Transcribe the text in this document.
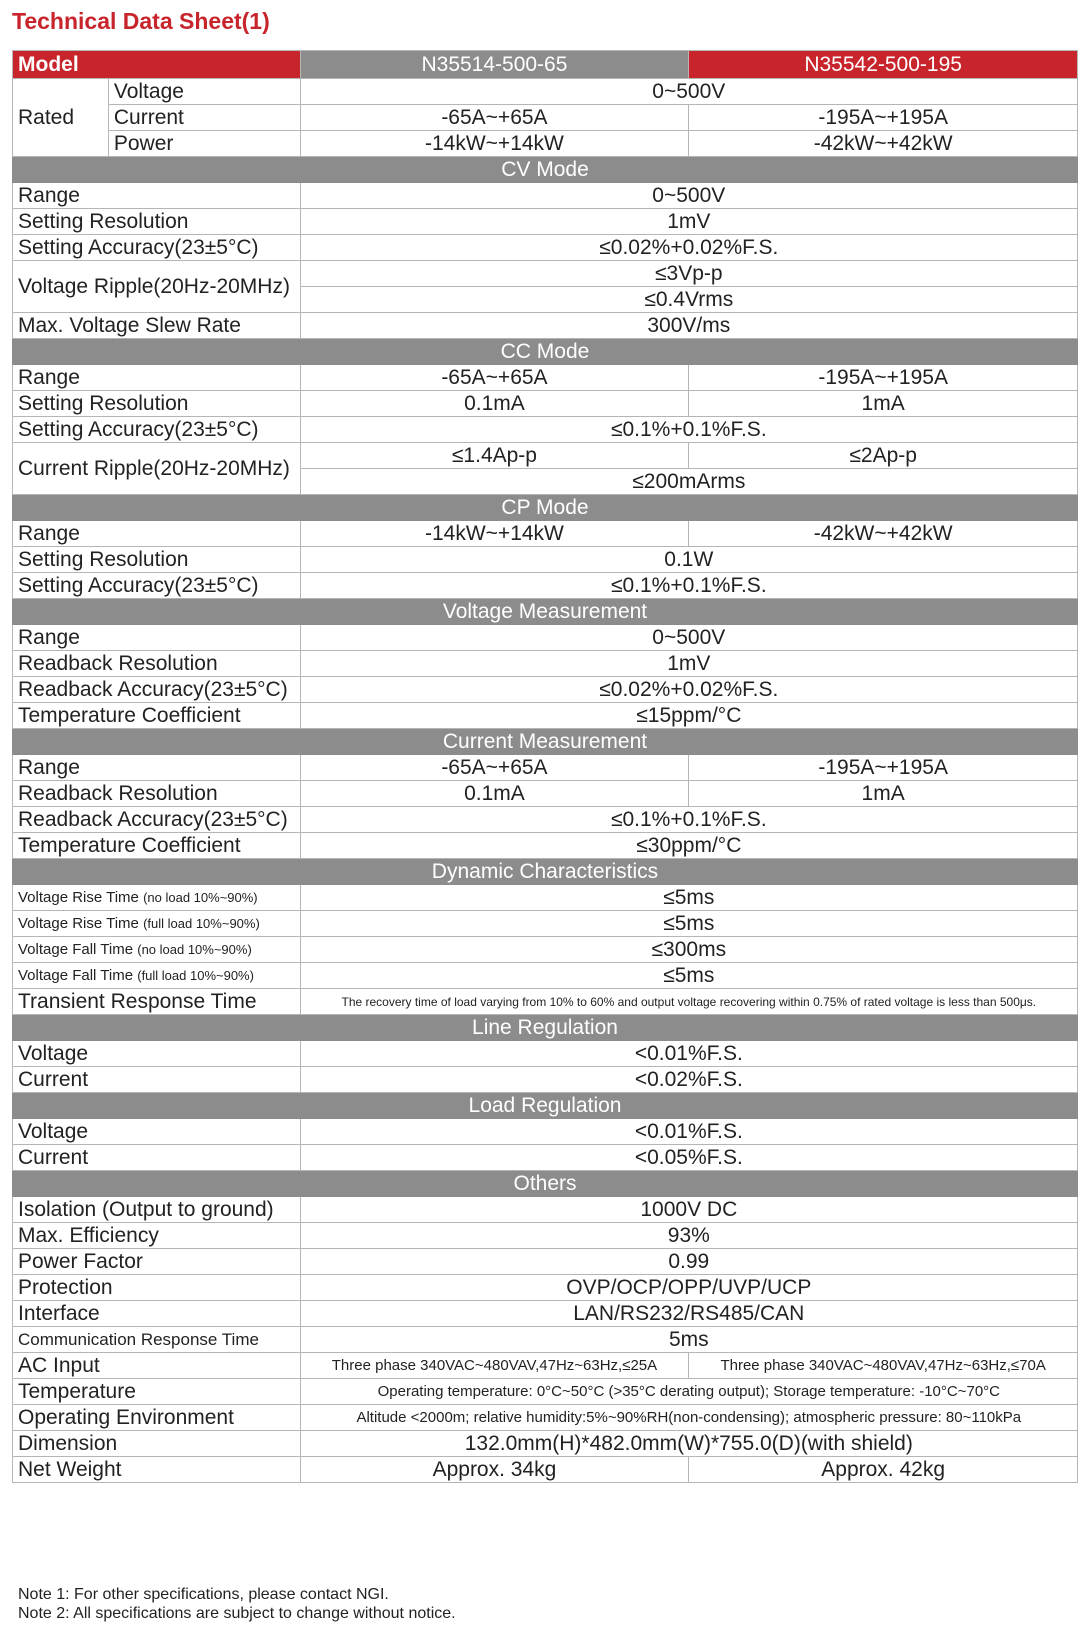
Technical Data Sheet(1)
Model		N35514-500-65	N35542-500-195
Rated	Voltage	0~500V	
	Current	-65A~+65A	-195A~+195A
	Power	-14kW~+14kW	-42kW~+42kW
CV Mode			
Range		0~500V	
Setting Resolution		1mV	
Setting Accuracy(23±5°C)		≤0.02%+0.02%F.S.	
Voltage Ripple(20Hz-20MHz)		≤3Vp-p	
		≤0.4Vrms	
Max. Voltage Slew Rate		300V/ms	
CC Mode			
Range		-65A~+65A	-195A~+195A
Setting Resolution		0.1mA	1mA
Setting Accuracy(23±5°C)		≤0.1%+0.1%F.S.	
Current Ripple(20Hz-20MHz)		≤1.4Ap-p	≤2Ap-p
		≤200mArms	
CP Mode			
Range		-14kW~+14kW	-42kW~+42kW
Setting Resolution		0.1W	
Setting Accuracy(23±5°C)		≤0.1%+0.1%F.S.	
Voltage Measurement			
Range		0~500V	
Readback Resolution		1mV	
Readback Accuracy(23±5°C)		≤0.02%+0.02%F.S.	
Temperature Coefficient		≤15ppm/°C	
Current Measurement			
Range		-65A~+65A	-195A~+195A
Readback Resolution		0.1mA	1mA
Readback Accuracy(23±5°C)		≤0.1%+0.1%F.S.	
Temperature Coefficient		≤30ppm/°C	
Dynamic Characteristics			
Voltage Rise Time (no load 10%~90%)		≤5ms	
Voltage Rise Time (full load 10%~90%)		≤5ms	
Voltage Fall Time (no load 10%~90%)		≤300ms	
Voltage Fall Time (full load 10%~90%)		≤5ms	
Transient Response Time		The recovery time of load varying from 10% to 60% and output voltage recovering within 0.75% of rated voltage is less than 500μs.	
Line Regulation			
Voltage		<0.01%F.S.	
Current		<0.02%F.S.	
Load Regulation			
Voltage		<0.01%F.S.	
Current		<0.05%F.S.	
Others			
Isolation (Output to ground)		1000V DC	
Max. Efficiency		93%	
Power Factor		0.99	
Protection		OVP/OCP/OPP/UVP/UCP	
Interface		LAN/RS232/RS485/CAN	
Communication Response Time		5ms	
AC Input		Three phase 340VAC~480VAV,47Hz~63Hz,≤25A	Three phase 340VAC~480VAV,47Hz~63Hz,≤70A
Temperature		Operating temperature: 0°C~50°C (>35°C derating output); Storage temperature: -10°C~70°C	
Operating Environment		Altitude <2000m; relative humidity:5%~90%RH(non-condensing); atmospheric pressure: 80~110kPa	
Dimension		132.0mm(H)*482.0mm(W)*755.0(D)(with shield)	
Net Weight		Approx. 34kg	Approx. 42kg
Note 1: For other specifications, please contact NGI.
Note 2: All specifications are subject to change without notice.
